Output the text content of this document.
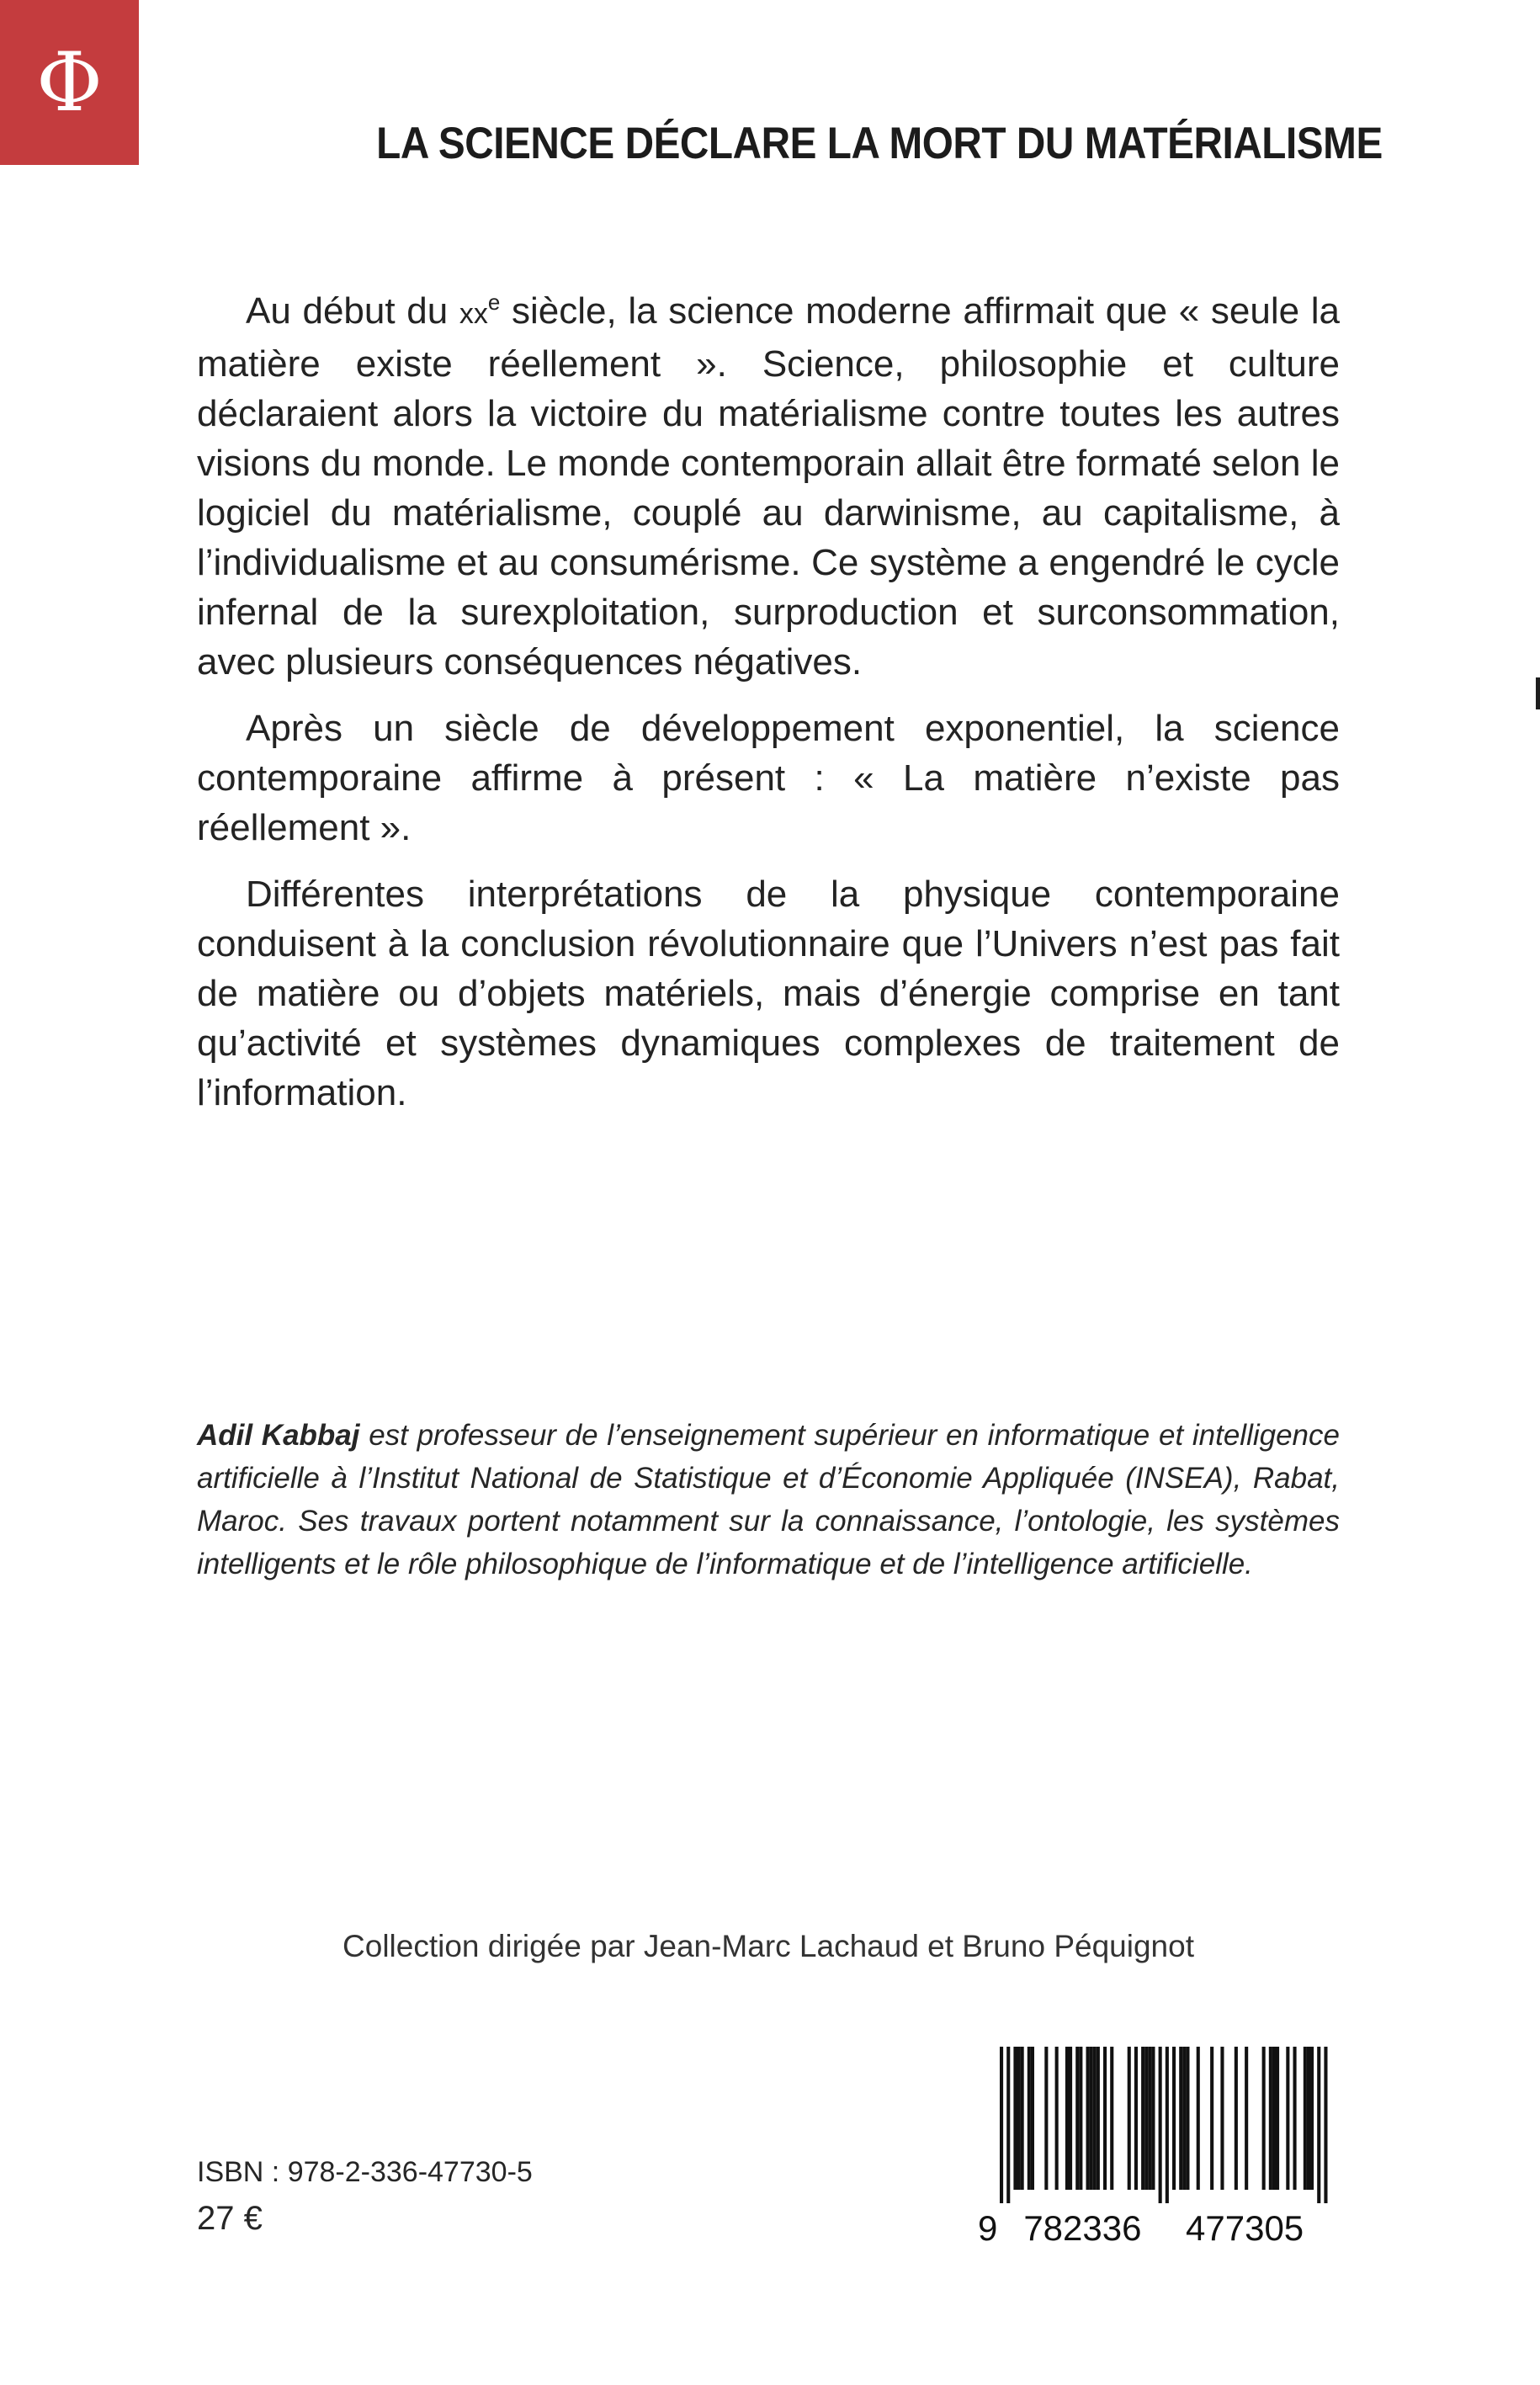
Φ
LA SCIENCE DÉCLARE LA MORT DU MATÉRIALISME

Au début du $xx^e$ siècle, la science moderne affirmait que « seule la matière existe réellement ». Science, philosophie et culture déclaraient alors la victoire du matérialisme contre toutes les autres visions du monde. Le monde contemporain allait être formaté selon le logiciel du matérialisme, couplé au darwinisme, au capitalisme, à l’individualisme et au consumérisme. Ce système a engendré le cycle infernal de la surexploitation, surproduction et surconsommation, avec plusieurs conséquences négatives.

Après un siècle de développement exponentiel, la science contemporaine affirme à présent : « La matière n’existe pas réellement ».

Différentes interprétations de la physique contemporaine conduisent à la conclusion révolutionnaire que l’Univers n’est pas fait de matière ou d’objets matériels, mais d’énergie comprise en tant qu’activité et systèmes dynamiques complexes de traitement de l’information.

Adil Kabbaj est professeur de l’enseignement supérieur en informatique et intelligence artificielle à l’Institut National de Statistique et d’Économie Appliquée (INSEA), Rabat, Maroc. Ses travaux portent notamment sur la connaissance, l’ontologie, les systèmes intelligents et le rôle philosophique de l’informatique et de l’intelligence artificielle.
Collection dirigée par Jean-Marc Lachaud et Bruno Péquignot
ISBN : 978-2-336-47730-5
27 €	9 782336 477305
